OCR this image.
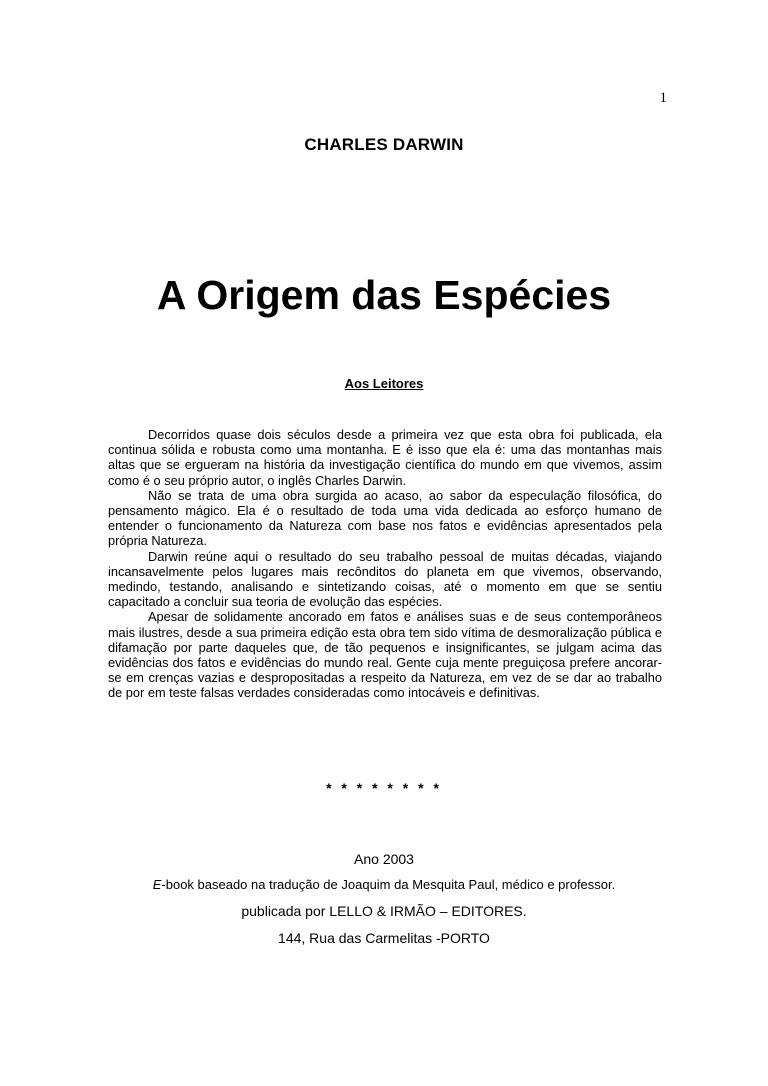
1
CHARLES DARWIN
A Origem das Espécies
Aos Leitores

Decorridos quase dois séculos desde a primeira vez que esta obra foi publicada, ela continua sólida e robusta como uma montanha. E é isso que ela é: uma das montanhas mais altas que se ergueram na história da investigação científica do mundo em que vivemos, assim como é o seu próprio autor, o inglês Charles Darwin.

Não se trata de uma obra surgida ao acaso, ao sabor da especulação filosófica, do pensamento mágico. Ela é o resultado de toda uma vida dedicada ao esforço humano de entender o funcionamento da Natureza com base nos fatos e evidências apresentados pela própria Natureza.

Darwin reúne aqui o resultado do seu trabalho pessoal de muitas décadas, viajando incansavelmente pelos lugares mais recônditos do planeta em que vivemos, observando, medindo, testando, analisando e sintetizando coisas, até o momento em que se sentiu capacitado a concluir sua teoria de evolução das espécies.

Apesar de solidamente ancorado em fatos e análises suas e de seus contemporâneos mais ilustres, desde a sua primeira edição esta obra tem sido vítima de desmoralização pública e difamação por parte daqueles que, de tão pequenos e insignificantes, se julgam acima das evidências dos fatos e evidências do mundo real. Gente cuja mente preguiçosa prefere ancorar-se em crenças vazias e despropositadas a respeito da Natureza, em vez de se dar ao trabalho de por em teste falsas verdades consideradas como intocáveis e definitivas.

* * * * * * * *
Ano 2003
E-book baseado na tradução de Joaquim da Mesquita Paul, médico e professor.
publicada por LELLO & IRMÃO – EDITORES.
144, Rua das Carmelitas -PORTO
